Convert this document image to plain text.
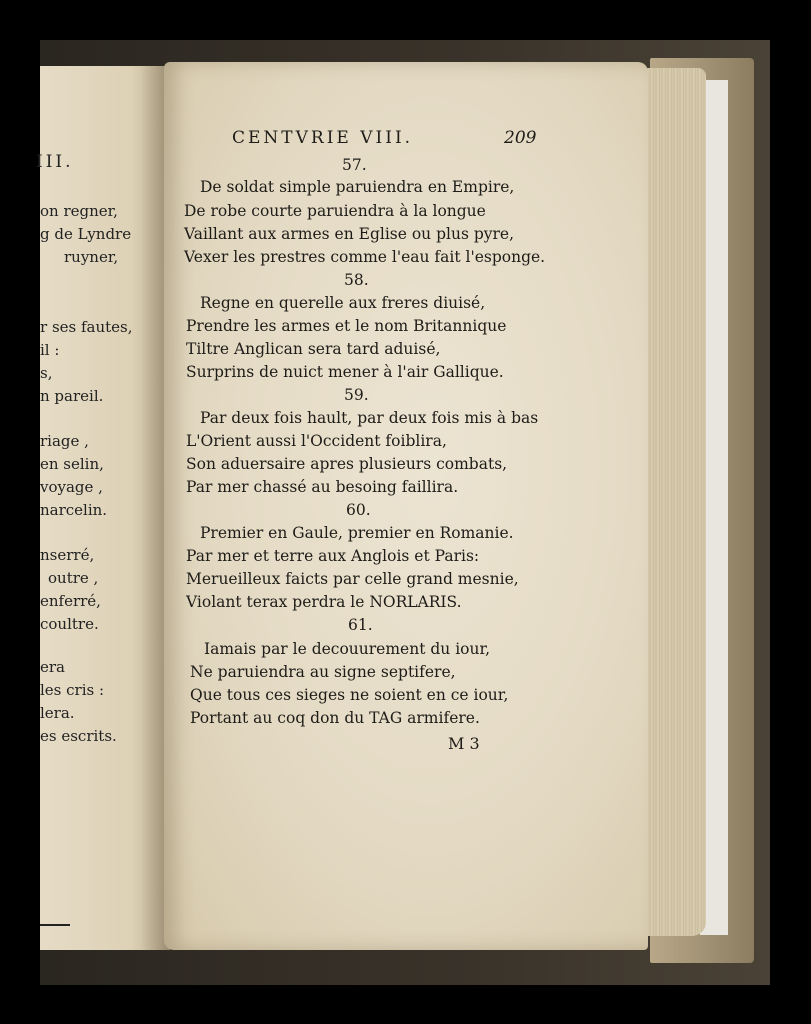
III.
on regner,
g de Lyndre
ruyner,
r ses fautes,
il :
s,
n pareil.
riage ,
en selin,
voyage ,
narcelin.
nserré,
outre ,
enferré,
coultre.
era
les cris :
lera.
es escrits.
CENTVRIE VIII.	209
57.
De soldat simple paruiendra en Empire,
De robe courte paruiendra à la longue
Vaillant aux armes en Eglise ou plus pyre,
Vexer les prestres comme l'eau fait l'esponge.
58.
Regne en querelle aux freres diuisé,
Prendre les armes et le nom Britannique
Tiltre Anglican sera tard aduisé,
Surprins de nuict mener à l'air Gallique.
59.
Par deux fois hault, par deux fois mis à bas
L'Orient aussi l'Occident foiblira,
Son aduersaire apres plusieurs combats,
Par mer chassé au besoing faillira.
60.
Premier en Gaule, premier en Romanie.
Par mer et terre aux Anglois et Paris:
Merueilleux faicts par celle grand mesnie,
Violant terax perdra le NORLARIS.
61.
Iamais par le decouurement du iour,
Ne paruiendra au signe septifere,
Que tous ces sieges ne soient en ce iour,
Portant au coq don du TAG armifere.
M 3
